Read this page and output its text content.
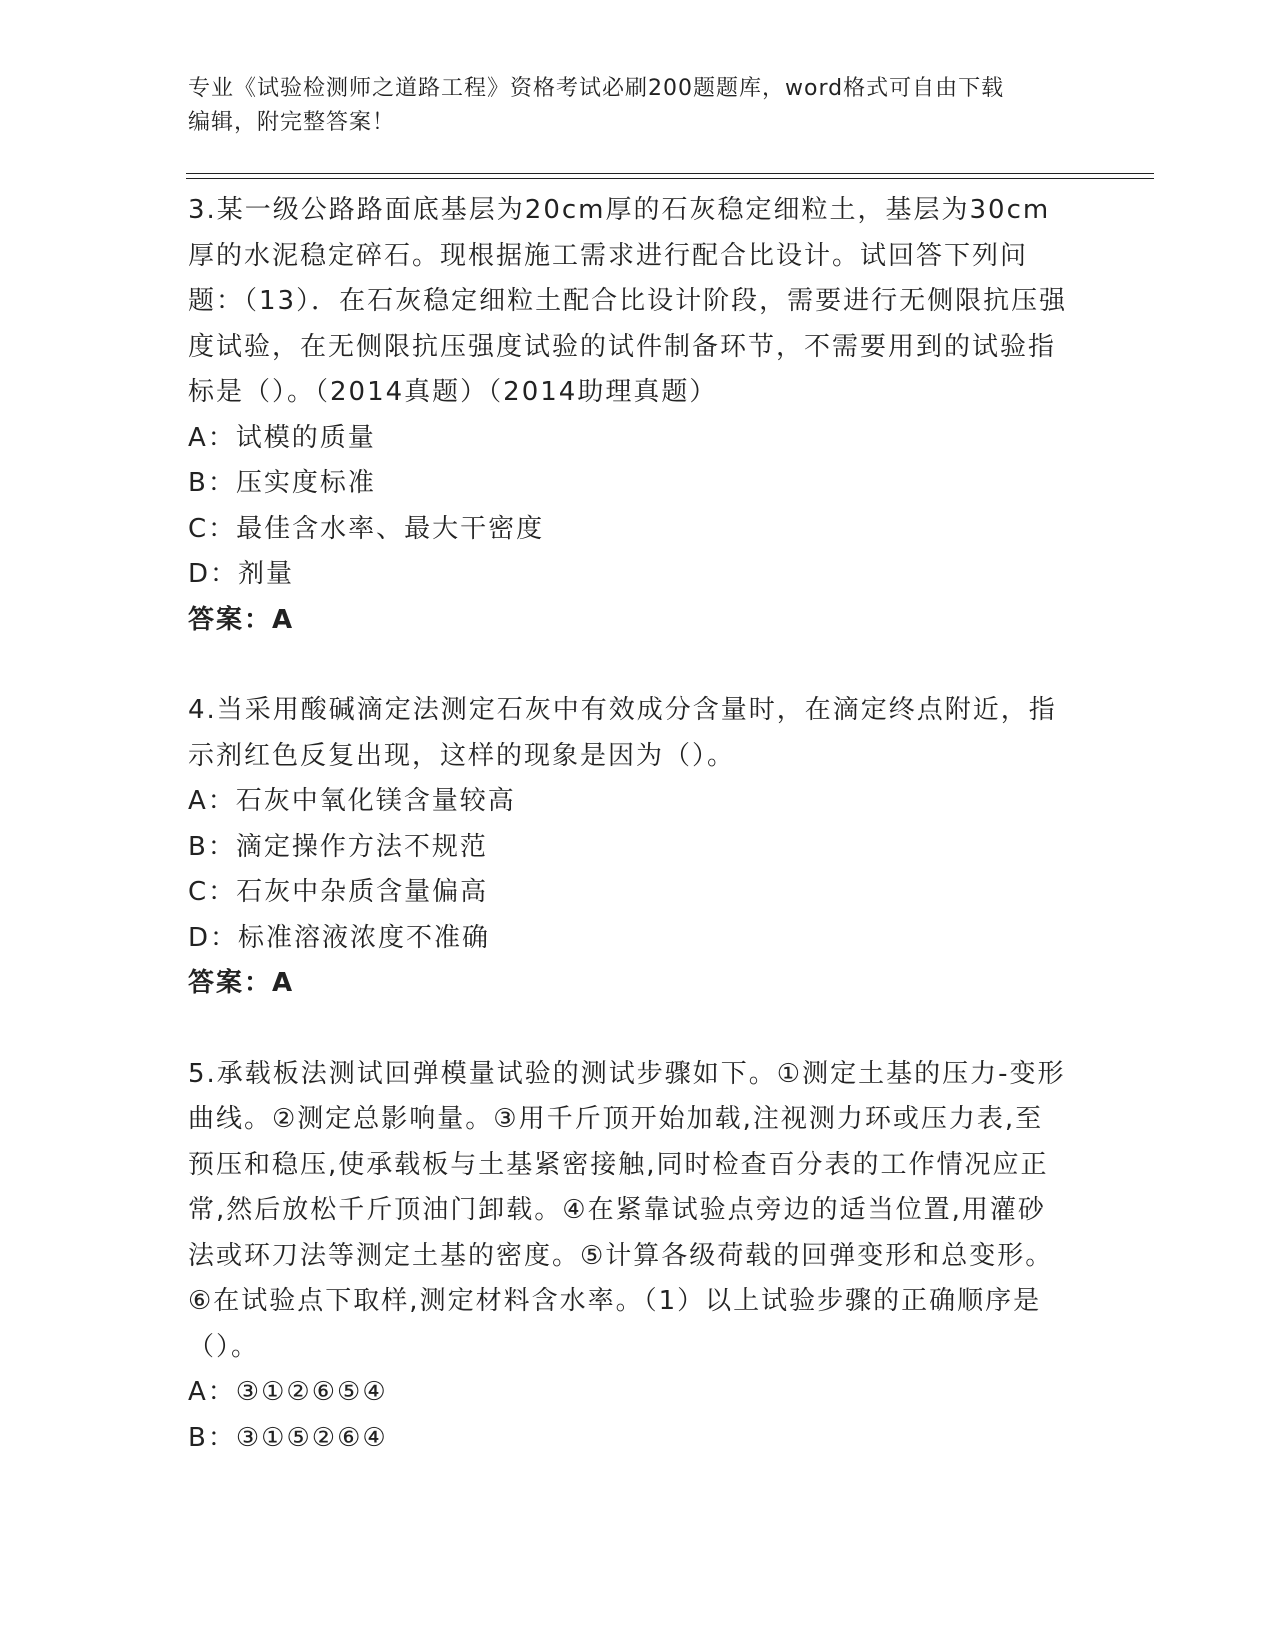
专业《试验检测师之道路工程》资格考试必刷200题题库，word格式可自由下载
编辑，附完整答案！
3.某一级公路路面底基层为20cm厚的石灰稳定细粒土，基层为30cm厚的水泥稳定碎石。现根据施工需求进行配合比设计。试回答下列问题：（13）．在石灰稳定细粒土配合比设计阶段，需要进行无侧限抗压强度试验，在无侧限抗压强度试验的试件制备环节，不需要用到的试验指标是（）。（2014真题）（2014助理真题）
A：试模的质量
B：压实度标准
C：最佳含水率、最大干密度
D：剂量
答案：A
4.当采用酸碱滴定法测定石灰中有效成分含量时，在滴定终点附近，指示剂红色反复出现，这样的现象是因为（）。
A：石灰中氧化镁含量较高
B：滴定操作方法不规范
C：石灰中杂质含量偏高
D：标准溶液浓度不准确
答案：A
5.承载板法测试回弹模量试验的测试步骤如下。①测定土基的压力-变形曲线。②测定总影响量。③用千斤顶开始加载,注视测力环或压力表,至预压和稳压,使承载板与土基紧密接触,同时检查百分表的工作情况应正常,然后放松千斤顶油门卸载。④在紧靠试验点旁边的适当位置,用灌砂法或环刀法等测定土基的密度。⑤计算各级荷载的回弹变形和总变形。⑥在试验点下取样,测定材料含水率。（1）以上试验步骤的正确顺序是（）。
A：③①②⑥⑤④
B：③①⑤②⑥④
